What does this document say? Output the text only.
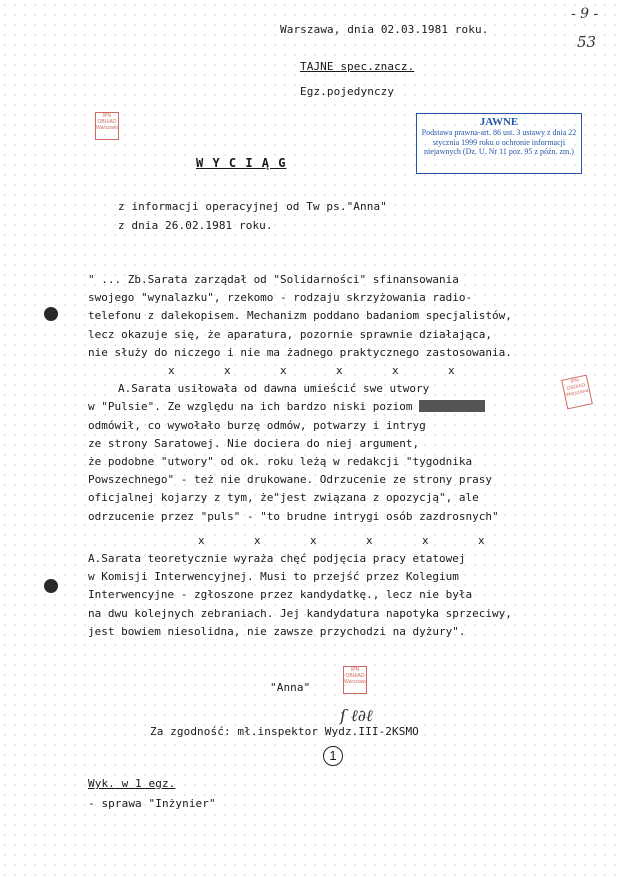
- 9 -
53
Warszawa, dnia 02.03.1981 roku.
TAJNE spec.znacz.
Egz.pojedynczy
JAWNE
Podstawa prawna-art. 86 ust. 3 ustawy z dnia 22 stycznia 1999 roku o ochronie informacji niejawnych (Dz. U. Nr 11 poz. 95 z późn. zm.)
IPN OBUiAD Warszawa
IPN OBUiAD Warszawa
IPN OBUiAD Warszawa
W Y C I Ą G
z informacji operacyjnej od Tw ps."Anna"
z dnia 26.02.1981 roku.

" ... Zb.Sarata zarządał od "Solidarności" sfinansowania

swojego "wynalazku", rzekomo - rodzaju skrzyżowania radio-

telefonu z dalekopisem. Mechanizm poddano badaniom specjalistów,

lecz okazuje się, że aparatura, pozornie sprawnie działająca,

nie służy do niczego i nie ma żadnego praktycznego zastosowania.

x	x	x	x	x	x

A.Sarata usiłowała od dawna umieścić swe utwory

w "Pulsie". Ze względu na ich bardzo niski poziom

odmówił, co wywołało burzę odmów, potwarzy i intryg

ze strony Saratowej. Nie dociera do niej argument,

że podobne "utwory" od ok. roku leżą w redakcji "tygodnika

Powszechnego" - też nie drukowane. Odrzucenie ze strony prasy

oficjalnej kojarzy z tym, że"jest związana z opozycją", ale

odrzucenie przez "puls" - "to brudne intrygi osób zazdrosnych"

x	x	x	x	x	x

A.Sarata teoretycznie wyraża chęć podjęcia pracy etatowej

w Komisji Interwencyjnej. Musi to przejść przez Kolegium

Interwencyjne - zgłoszone przez kandydatkę., lecz nie była

na dwu kolejnych zebraniach. Jej kandydatura napotyka sprzeciwy,

jest bowiem niesolidna, nie zawsze przychodzi na dyżury".

"Anna"
Za zgodność: mł.inspektor Wydz.III-2KSMO
ſ ℓ∂ℓ
1
Wyk. w 1 egz.
- sprawa "Inżynier"
